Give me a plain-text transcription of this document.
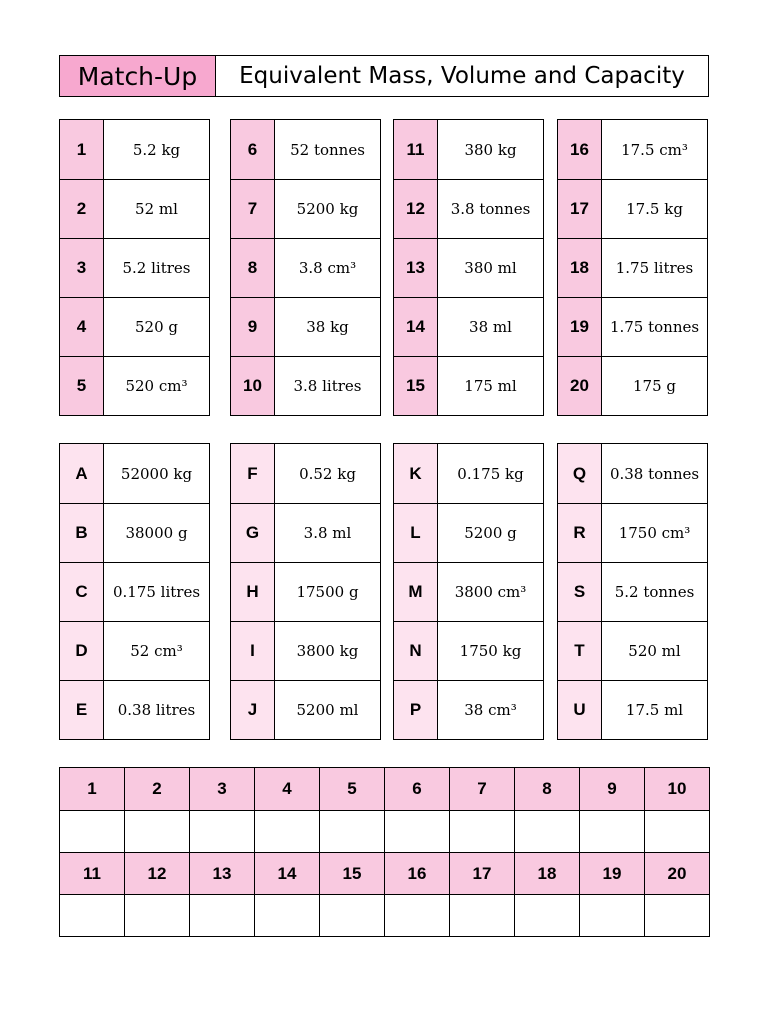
Match-Up	Equivalent Mass, Volume and Capacity
1	5.2 kg
2	52 ml
3	5.2 litres
4	520 g
5	520 cm³
6	52 tonnes
7	5200 kg
8	3.8 cm³
9	38 kg
10	3.8 litres
11	380 kg
12	3.8 tonnes
13	380 ml
14	38 ml
15	175 ml
16	17.5 cm³
17	17.5 kg
18	1.75 litres
19	1.75 tonnes
20	175 g
A	52000 kg
B	38000 g
C	0.175 litres
D	52 cm³
E	0.38 litres
F	0.52 kg
G	3.8 ml
H	17500 g
I	3800 kg
J	5200 ml
K	0.175 kg
L	5200 g
M	3800 cm³
N	1750 kg
P	38 cm³
Q	0.38 tonnes
R	1750 cm³
S	5.2 tonnes
T	520 ml
U	17.5 ml
1	2	3	4	5	6	7	8	9	10
11	12	13	14	15	16	17	18	19	20
